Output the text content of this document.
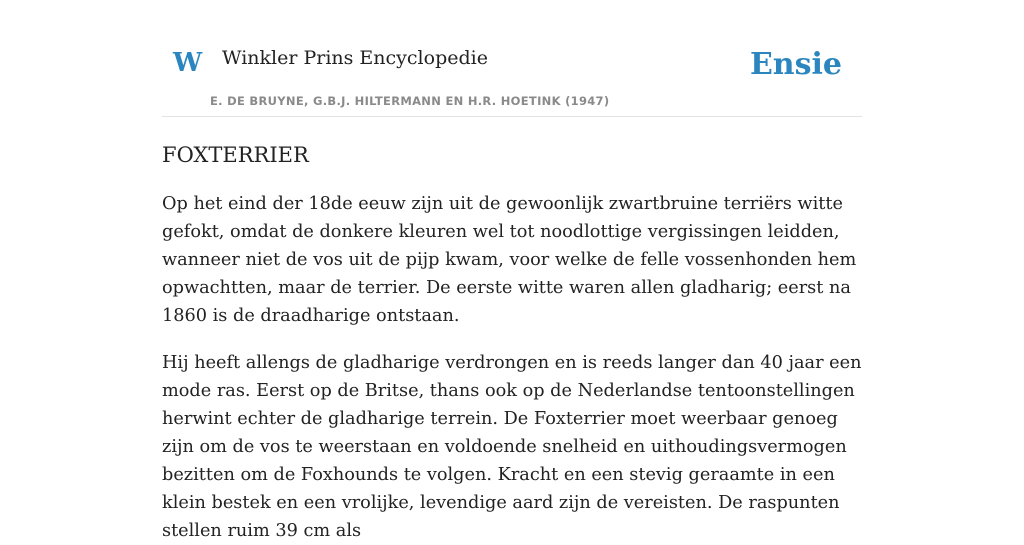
W Winkler Prins Encyclopedie
E. DE BRUYNE, G.B.J. HILTERMANN EN H.R. HOETINK (1947)
Ensie
FOXTERRIER

Op het eind der 18de eeuw zijn uit de gewoonlijk zwartbruine terriërs witte gefokt, omdat de donkere kleuren wel tot noodlottige vergissingen leidden, wanneer niet de vos uit de pijp kwam, voor welke de felle vossenhonden hem opwachtten, maar de terrier. De eerste witte waren allen gladharig; eerst na 1860 is de draadharige ontstaan.

Hij heeft allengs de gladharige verdrongen en is reeds langer dan 40 jaar een mode ras. Eerst op de Britse, thans ook op de Nederlandse tentoonstellingen herwint echter de gladharige terrein. De Foxterrier moet weerbaar genoeg zijn om de vos te weerstaan en voldoende snelheid en uithoudingsvermogen bezitten om de Foxhounds te volgen. Kracht en een stevig geraamte in een klein bestek en een vrolijke, levendige aard zijn de vereisten. De raspunten stellen ruim 39 cm als
